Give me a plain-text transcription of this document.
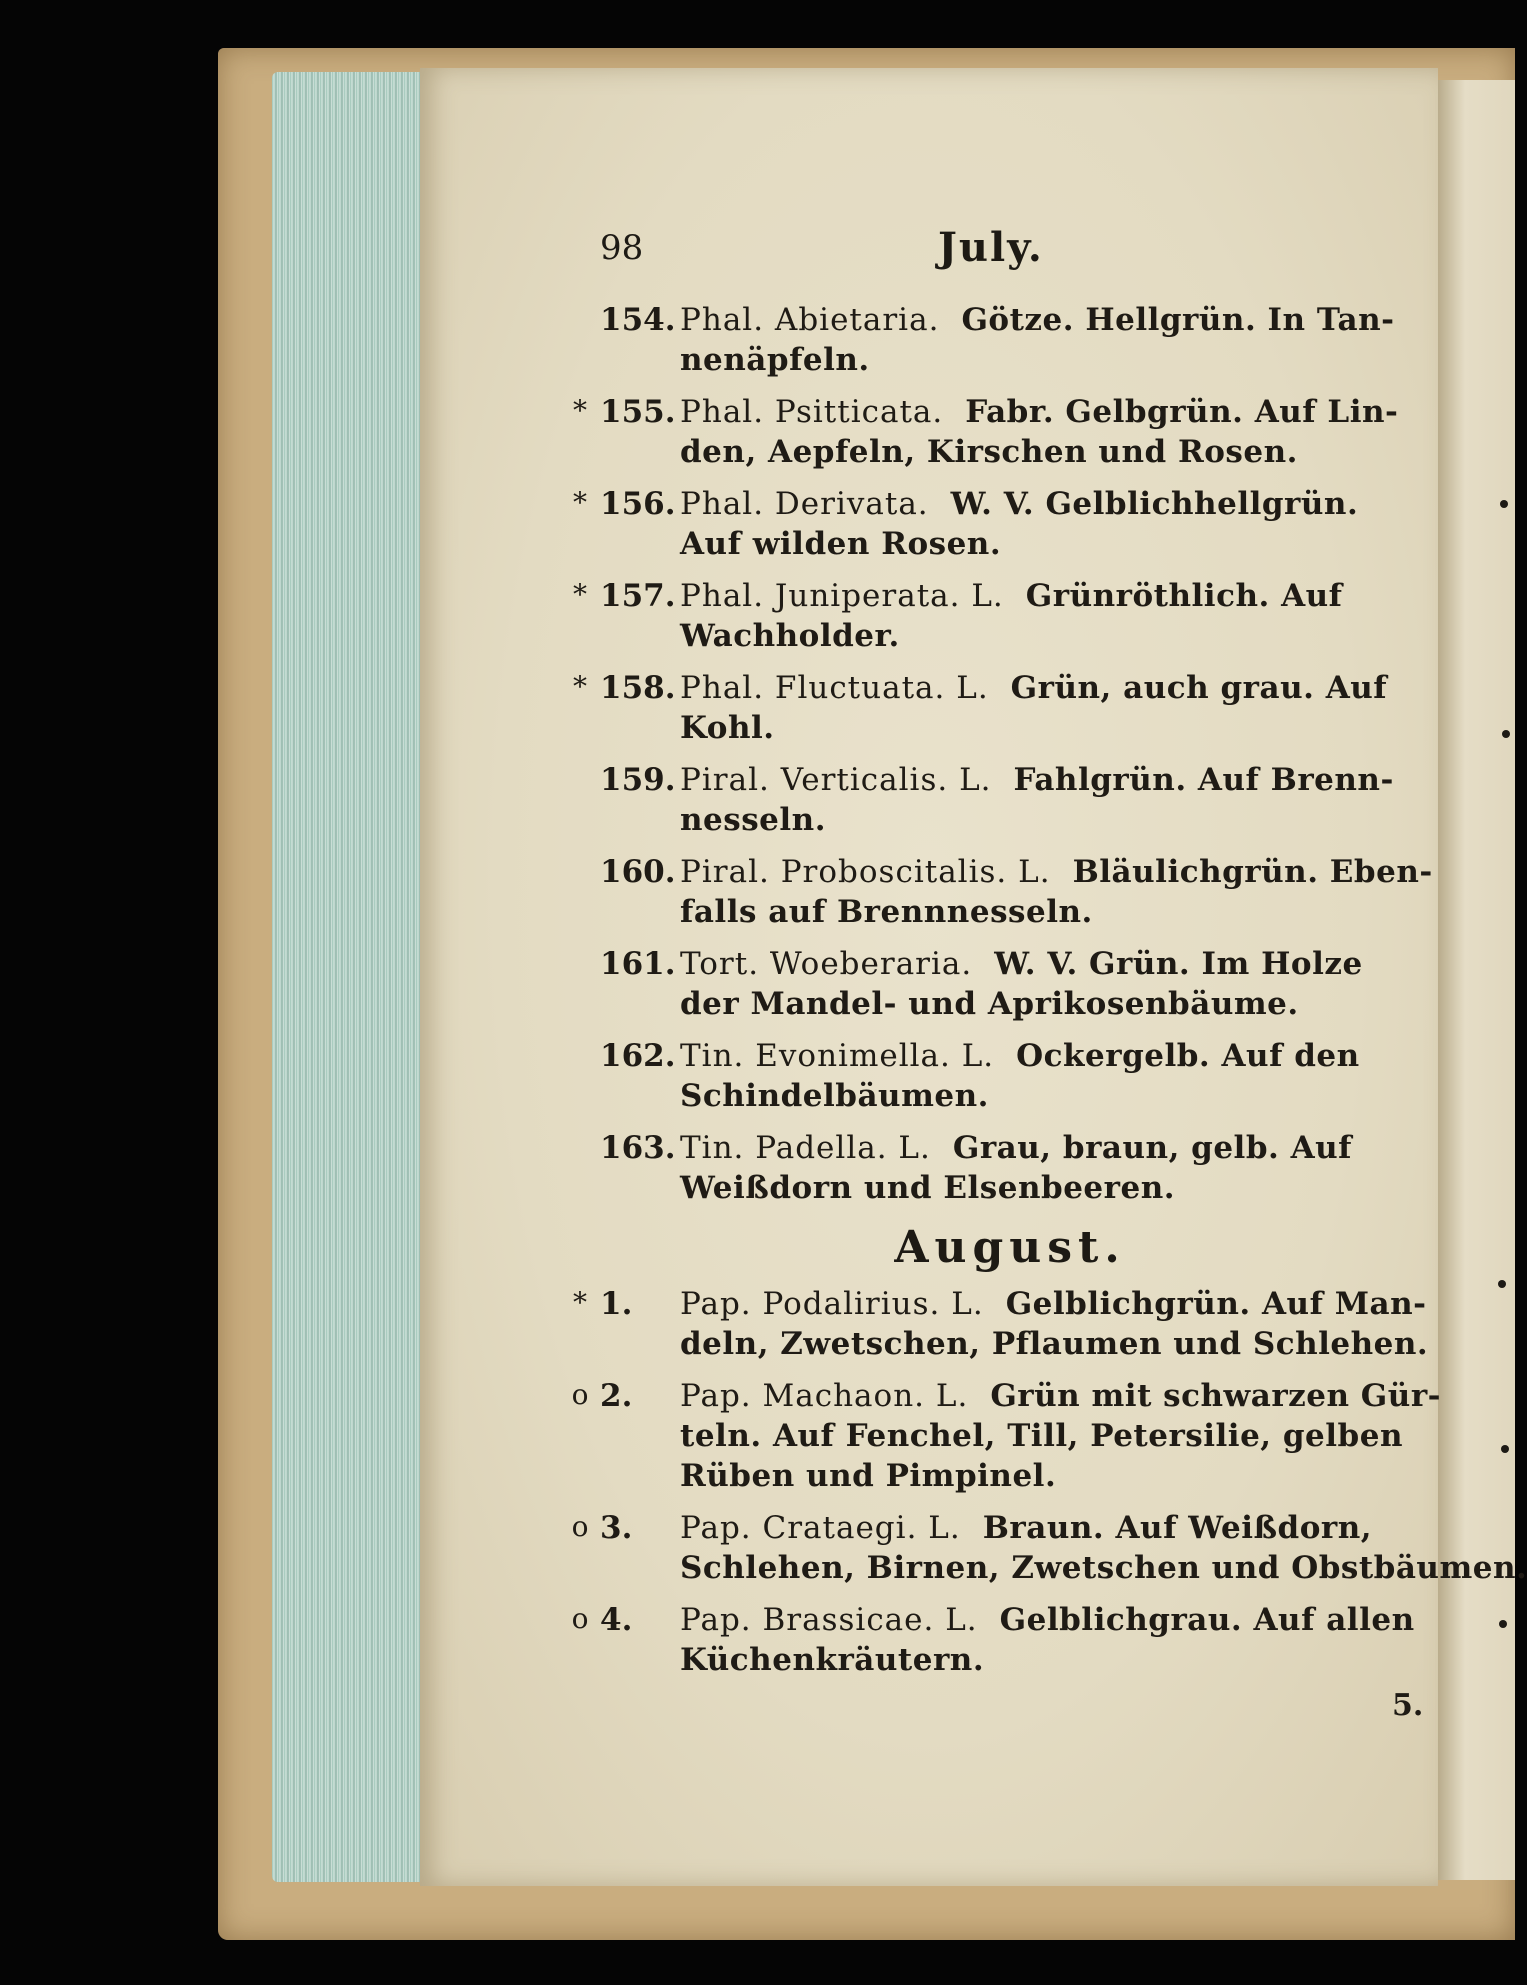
98	July.
154. Phal. Abietaria. Götze. Hellgrün. In Tan-
nenäpfeln.
* 155. Phal. Psitticata. Fabr. Gelbgrün. Auf Lin-
den, Aepfeln, Kirschen und Rosen.
* 156. Phal. Derivata. W. V. Gelblichhellgrün.
Auf wilden Rosen.
* 157. Phal. Juniperata. L. Grünröthlich. Auf
Wachholder.
* 158. Phal. Fluctuata. L. Grün, auch grau. Auf
Kohl.
159. Piral. Verticalis. L. Fahlgrün. Auf Brenn-
nesseln.
160. Piral. Proboscitalis. L. Bläulichgrün. Eben-
falls auf Brennnesseln.
161. Tort. Woeberaria. W. V. Grün. Im Holze
der Mandel- und Aprikosenbäume.
162. Tin. Evonimella. L. Ockergelb. Auf den
Schindelbäumen.
163. Tin. Padella. L. Grau, braun, gelb. Auf
Weißdorn und Elsenbeeren.
August.
* 1. Pap. Podalirius. L. Gelblichgrün. Auf Man-
deln, Zwetschen, Pflaumen und Schlehen.
o 2. Pap. Machaon. L. Grün mit schwarzen Gür-
teln. Auf Fenchel, Till, Petersilie, gelben
Rüben und Pimpinel.
o 3. Pap. Crataegi. L. Braun. Auf Weißdorn,
Schlehen, Birnen, Zwetschen und Obstbäumen.
o 4. Pap. Brassicae. L. Gelblichgrau. Auf allen
Küchenkräutern.
5.
